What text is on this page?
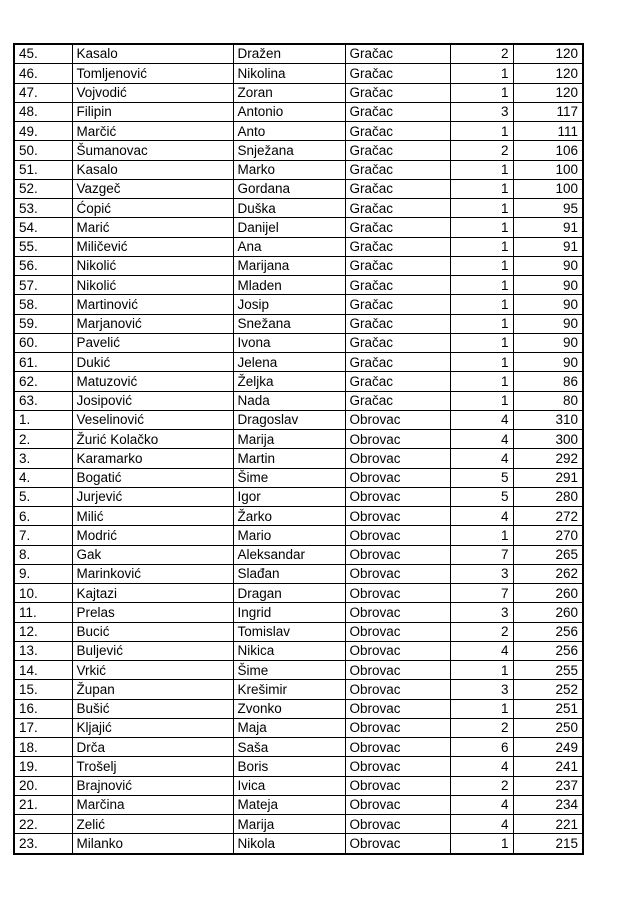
45.	Kasalo	Dražen	Gračac	2	120
46.	Tomljenović	Nikolina	Gračac	1	120
47.	Vojvodić	Zoran	Gračac	1	120
48.	Filipin	Antonio	Gračac	3	117
49.	Marčić	Anto	Gračac	1	111
50.	Šumanovac	Snježana	Gračac	2	106
51.	Kasalo	Marko	Gračac	1	100
52.	Vazgeč	Gordana	Gračac	1	100
53.	Ćopić	Duška	Gračac	1	95
54.	Marić	Danijel	Gračac	1	91
55.	Miličević	Ana	Gračac	1	91
56.	Nikolić	Marijana	Gračac	1	90
57.	Nikolić	Mladen	Gračac	1	90
58.	Martinović	Josip	Gračac	1	90
59.	Marjanović	Snežana	Gračac	1	90
60.	Pavelić	Ivona	Gračac	1	90
61.	Dukić	Jelena	Gračac	1	90
62.	Matuzović	Željka	Gračac	1	86
63.	Josipović	Nada	Gračac	1	80
1.	Veselinović	Dragoslav	Obrovac	4	310
2.	Žurić Kolačko	Marija	Obrovac	4	300
3.	Karamarko	Martin	Obrovac	4	292
4.	Bogatić	Šime	Obrovac	5	291
5.	Jurjević	Igor	Obrovac	5	280
6.	Milić	Žarko	Obrovac	4	272
7.	Modrić	Mario	Obrovac	1	270
8.	Gak	Aleksandar	Obrovac	7	265
9.	Marinković	Slađan	Obrovac	3	262
10.	Kajtazi	Dragan	Obrovac	7	260
11.	Prelas	Ingrid	Obrovac	3	260
12.	Bucić	Tomislav	Obrovac	2	256
13.	Buljević	Nikica	Obrovac	4	256
14.	Vrkić	Šime	Obrovac	1	255
15.	Župan	Krešimir	Obrovac	3	252
16.	Bušić	Zvonko	Obrovac	1	251
17.	Kljajić	Maja	Obrovac	2	250
18.	Drča	Saša	Obrovac	6	249
19.	Trošelj	Boris	Obrovac	4	241
20.	Brajnović	Ivica	Obrovac	2	237
21.	Marčina	Mateja	Obrovac	4	234
22.	Zelić	Marija	Obrovac	4	221
23.	Milanko	Nikola	Obrovac	1	215
